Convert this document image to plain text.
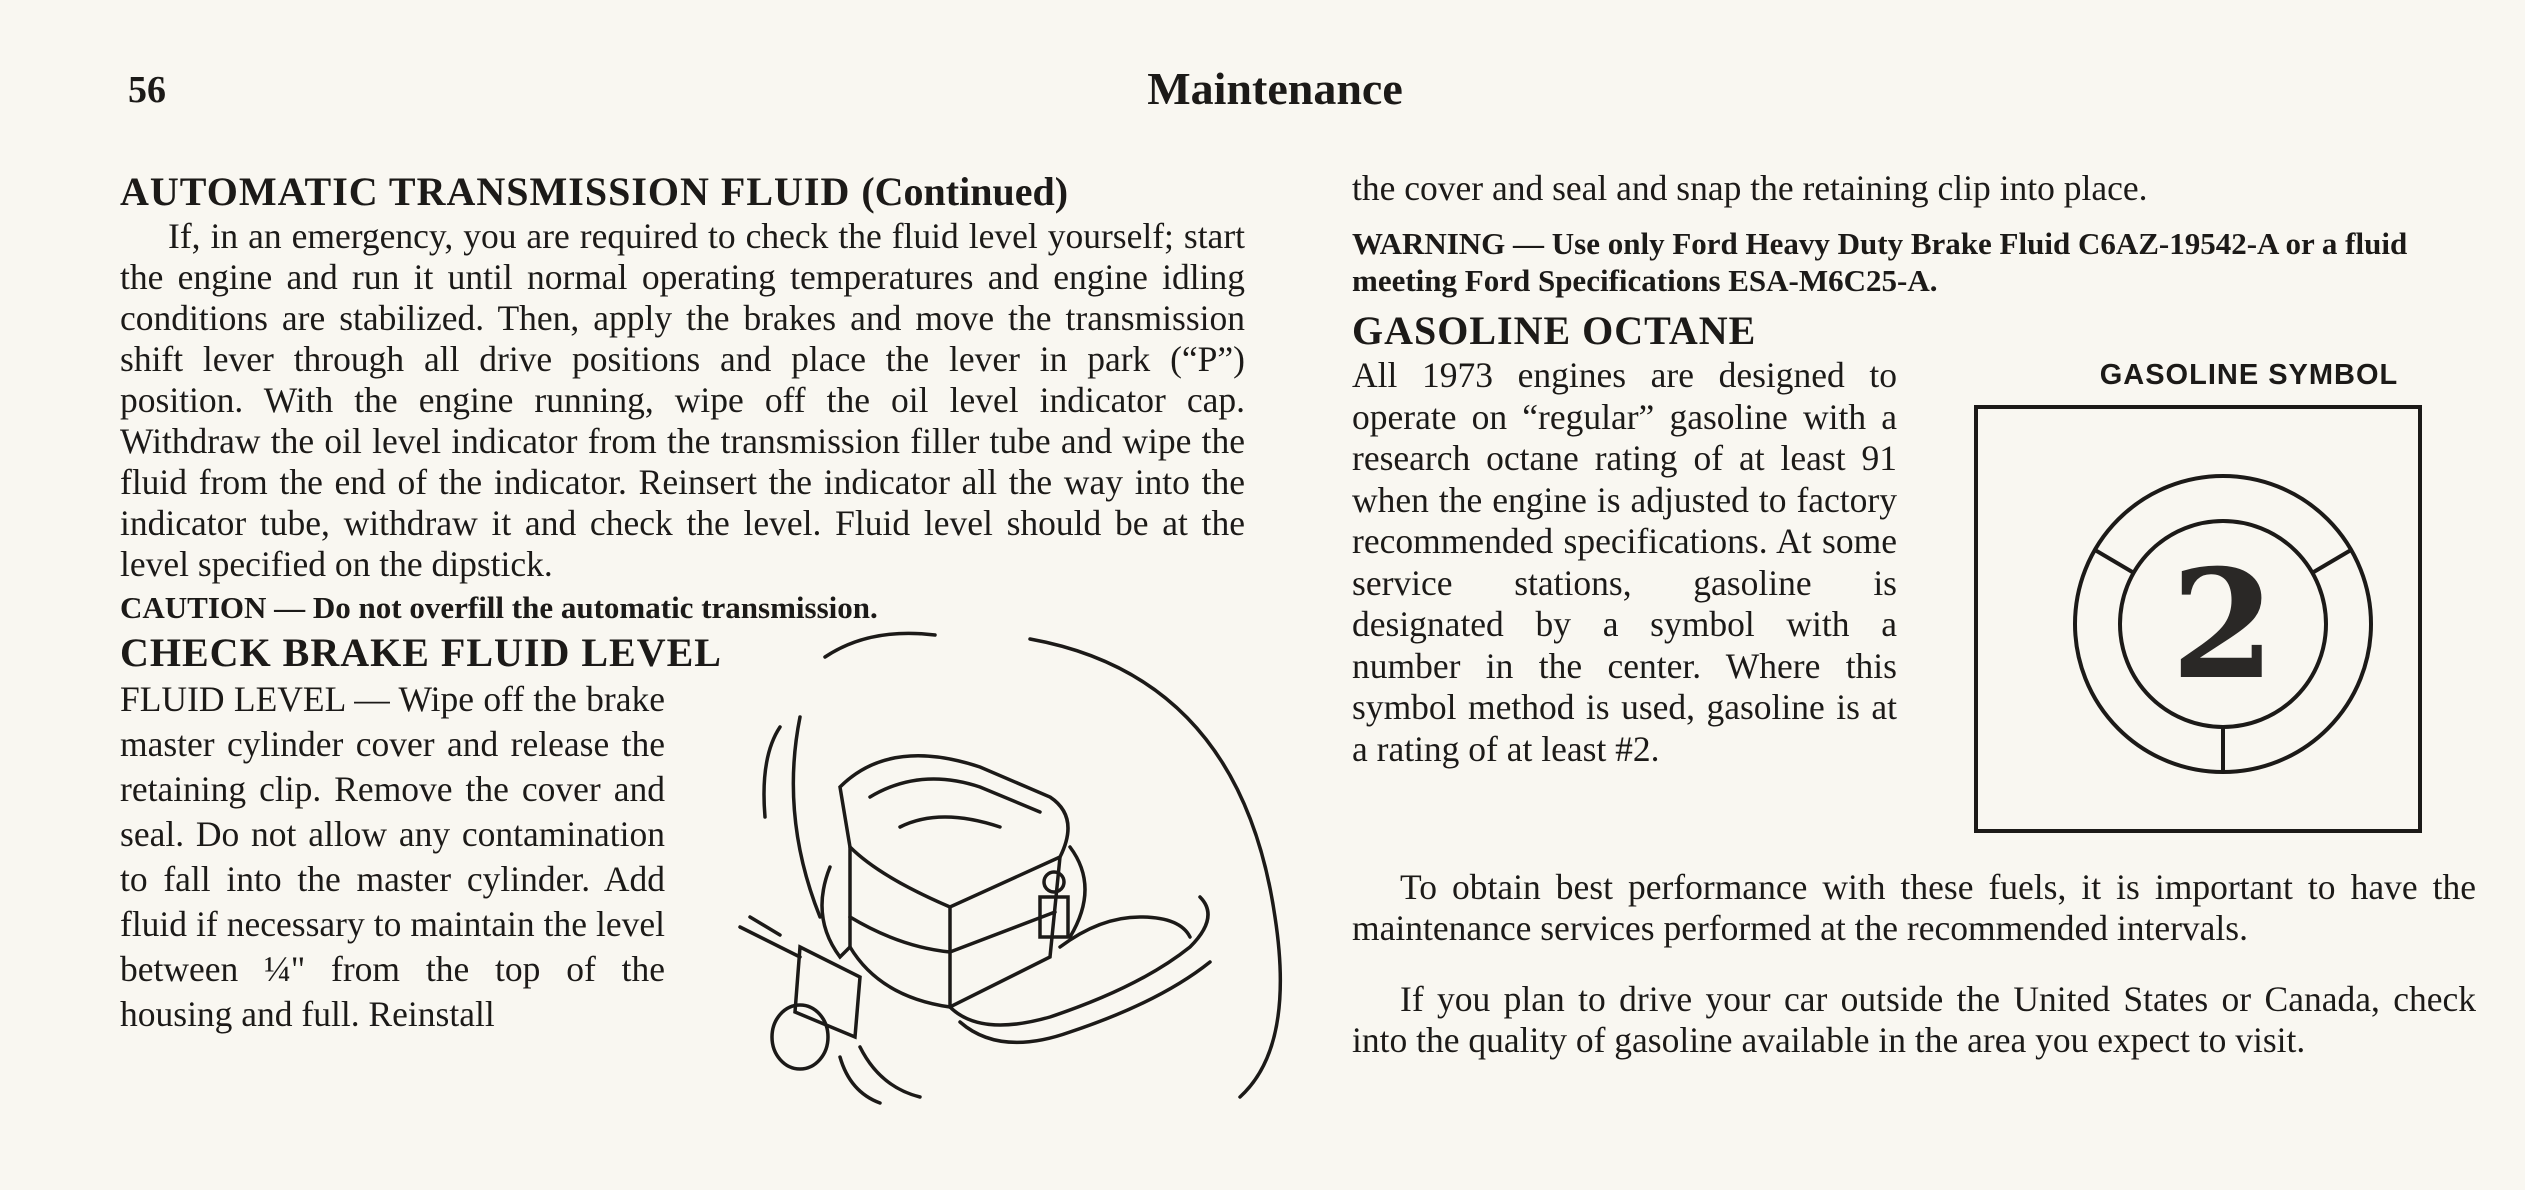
56	Maintenance
AUTOMATIC TRANSMISSION FLUID (Continued)

If, in an emergency, you are required to check the fluid level yourself; start the engine and run it until normal operating temperatures and engine idling conditions are stabilized. Then, apply the brakes and move the transmission shift lever through all drive positions and place the lever in park (“P”) position. With the engine running, wipe off the oil level indicator cap. Withdraw the oil level indicator from the transmission filler tube and wipe the fluid from the end of the indicator. Reinsert the indicator all the way into the indicator tube, withdraw it and check the level. Fluid level should be at the level specified on the dipstick.

CAUTION — Do not overfill the automatic transmission.

CHECK BRAKE FLUID LEVEL

FLUID LEVEL — Wipe off the brake master cylinder cover and release the retaining clip. Remove the cover and seal. Do not allow any contamination to fall into the master cylinder. Add fluid if necessary to maintain the level between ¼" from the top of the housing and full. Reinstall

the cover and seal and snap the retaining clip into place.

WARNING — Use only Ford Heavy Duty Brake Fluid C6AZ-19542-A or a fluid meeting Ford Specifications ESA-M6C25-A.

GASOLINE OCTANE

All 1973 engines are designed to operate on “regular” gasoline with a research octane rating of at least 91 when the engine is adjusted to factory recommended specifications. At some service stations, gasoline is designated by a symbol with a number in the center. Where this symbol method is used, gasoline is at a rating of at least #2.

GASOLINE SYMBOL
2

To obtain best performance with these fuels, it is important to have the maintenance services performed at the recommended intervals.

If you plan to drive your car outside the United States or Canada, check into the quality of gasoline available in the area you expect to visit.
